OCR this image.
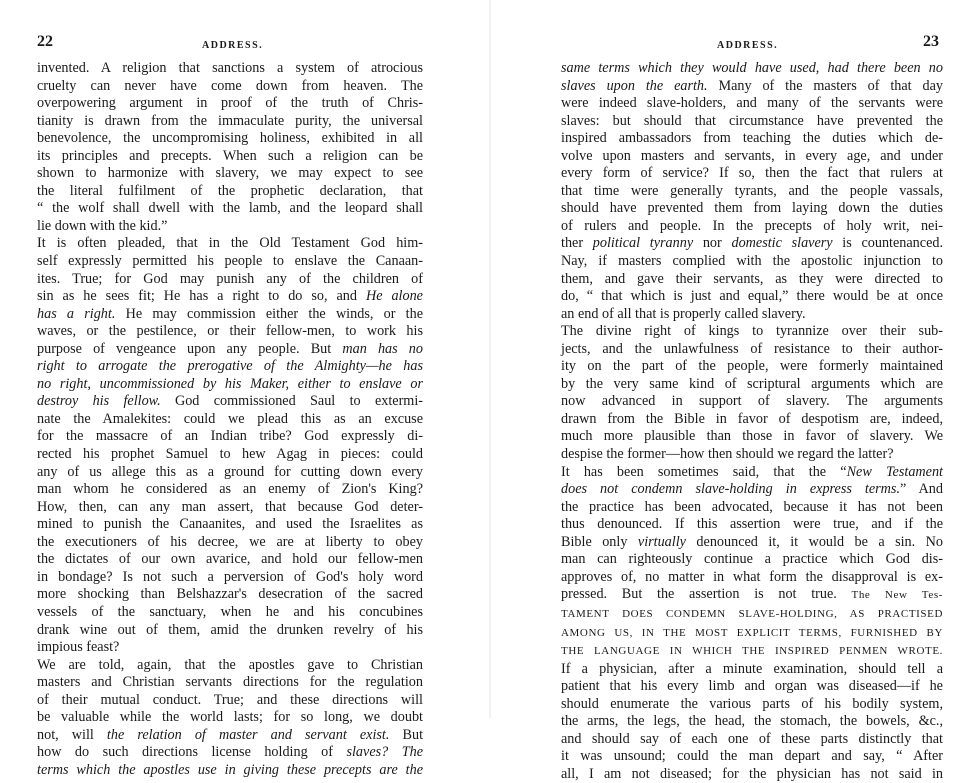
22	ADDRESS.
invented. A religion that sanctions a system of atrocious
cruelty can never have come down from heaven. The
overpowering argument in proof of the truth of Chris-
tianity is drawn from the immaculate purity, the universal
benevolence, the uncompromising holiness, exhibited in all
its principles and precepts. When such a religion can be
shown to harmonize with slavery, we may expect to see
the literal fulfilment of the prophetic declaration, that
“ the wolf shall dwell with the lamb, and the leopard shall
lie down with the kid.”
It is often pleaded, that in the Old Testament God him-
self expressly permitted his people to enslave the Canaan-
ites. True; for God may punish any of the children of
sin as he sees fit; He has a right to do so, and He alone
has a right. He may commission either the winds, or the
waves, or the pestilence, or their fellow-men, to work his
purpose of vengeance upon any people. But man has no
right to arrogate the prerogative of the Almighty—he has
no right, uncommissioned by his Maker, either to enslave or
destroy his fellow. God commissioned Saul to extermi-
nate the Amalekites: could we plead this as an excuse
for the massacre of an Indian tribe? God expressly di-
rected his prophet Samuel to hew Agag in pieces: could
any of us allege this as a ground for cutting down every
man whom he considered as an enemy of Zion's King?
How, then, can any man assert, that because God deter-
mined to punish the Canaanites, and used the Israelites as
the executioners of his decree, we are at liberty to obey
the dictates of our own avarice, and hold our fellow-men
in bondage? Is not such a perversion of God's holy word
more shocking than Belshazzar's desecration of the sacred
vessels of the sanctuary, when he and his concubines
drank wine out of them, amid the drunken revelry of his
impious feast?
We are told, again, that the apostles gave to Christian
masters and Christian servants directions for the regulation
of their mutual conduct. True; and these directions will
be valuable while the world lasts; for so long, we doubt
not, will the relation of master and servant exist. But
how do such directions license holding of slaves? The
terms which the apostles use in giving these precepts are the
ADDRESS.	23
same terms which they would have used, had there been no
slaves upon the earth. Many of the masters of that day
were indeed slave-holders, and many of the servants were
slaves: but should that circumstance have prevented the
inspired ambassadors from teaching the duties which de-
volve upon masters and servants, in every age, and under
every form of service? If so, then the fact that rulers at
that time were generally tyrants, and the people vassals,
should have prevented them from laying down the duties
of rulers and people. In the precepts of holy writ, nei-
ther political tyranny nor domestic slavery is countenanced.
Nay, if masters complied with the apostolic injunction to
them, and gave their servants, as they were directed to
do, “ that which is just and equal,” there would be at once
an end of all that is properly called slavery.
The divine right of kings to tyrannize over their sub-
jects, and the unlawfulness of resistance to their author-
ity on the part of the people, were formerly maintained
by the very same kind of scriptural arguments which are
now advanced in support of slavery. The arguments
drawn from the Bible in favor of despotism are, indeed,
much more plausible than those in favor of slavery. We
despise the former—how then should we regard the latter?
It has been sometimes said, that the “New Testament
does not condemn slave-holding in express terms.” And
the practice has been advocated, because it has not been
thus denounced. If this assertion were true, and if the
Bible only virtually denounced it, it would be a sin. No
man can righteously continue a practice which God dis-
approves of, no matter in what form the disapproval is ex-
pressed. But the assertion is not true. The New Tes-
TAMENT DOES CONDEMN SLAVE-HOLDING, AS PRACTISED
AMONG US, IN THE MOST EXPLICIT TERMS, FURNISHED BY
THE LANGUAGE IN WHICH THE INSPIRED PENMEN WROTE.
If a physician, after a minute examination, should tell a
patient that his every limb and organ was diseased—if he
should enumerate the various parts of his bodily system,
the arms, the legs, the head, the stomach, the bowels, &c.,
and should say of each one of these parts distinctly that
it was unsound; could the man depart and say, “ After
all, I am not diseased; for the physician has not said in
